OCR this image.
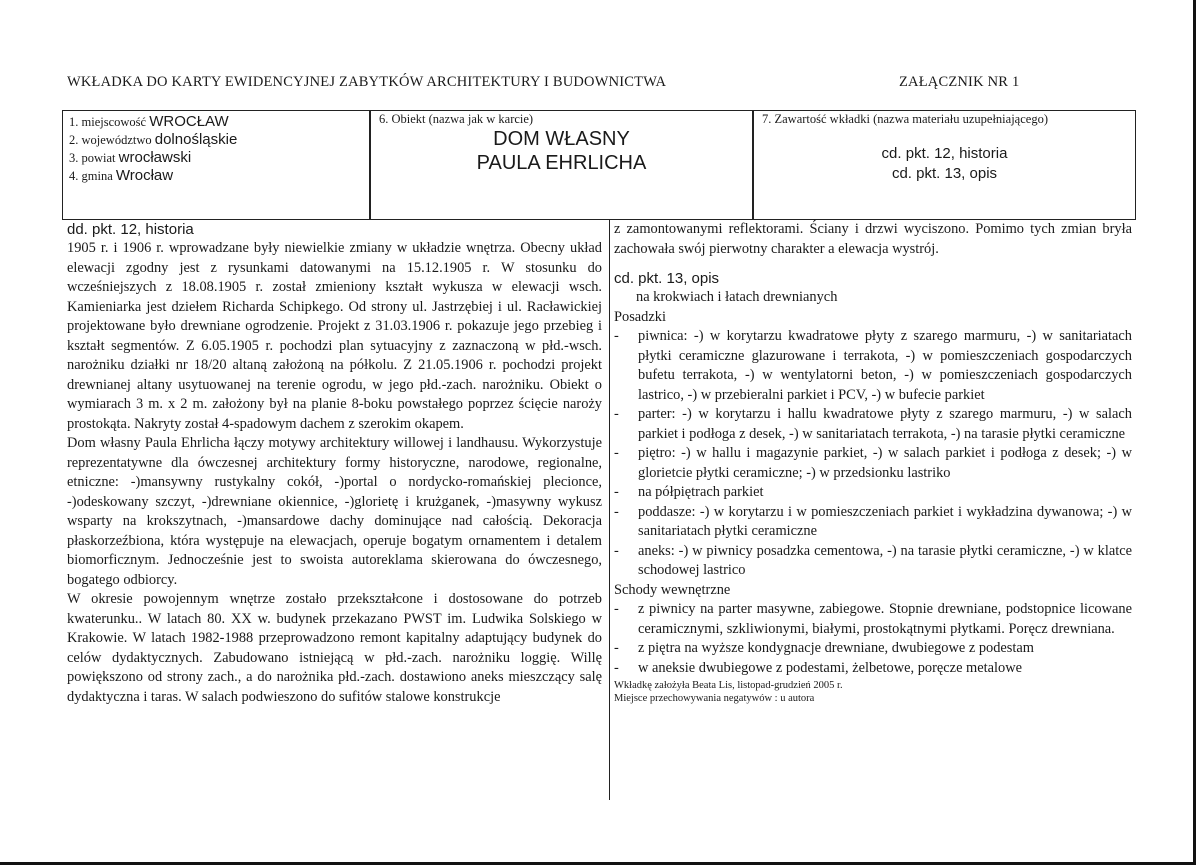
WKŁADKA DO KARTY EWIDENCYJNEJ ZABYTKÓW ARCHITEKTURY I BUDOWNICTWA	ZAŁĄCZNIK NR 1
1. miejscowość WROCŁAW
2. województwo dolnośląskie
3. powiat wrocławski
4. gmina Wrocław
6. Obiekt (nazwa jak w karcie)
DOM WŁASNY
PAULA EHRLICHA
7. Zawartość wkładki (nazwa materiału uzupełniającego)
cd. pkt. 12, historia
cd. pkt. 13, opis
dd. pkt. 12, historia
1905 r. i 1906 r. wprowadzane były niewielkie zmiany w układzie wnętrza. Obecny układ elewacji zgodny jest z rysunkami datowanymi na 15.12.1905 r. W stosunku do wcześniejszych z 18.08.1905 r. został zmieniony kształt wykusza w elewacji wsch. Kamieniarka jest dziełem Richarda Schipkego. Od strony ul. Jastrzębiej i ul. Racławickiej projektowane było drewniane ogrodzenie. Projekt z 31.03.1906 r. pokazuje jego przebieg i kształt segmentów. Z 6.05.1905 r. pochodzi plan sytuacyjny z zaznaczoną w płd.-wsch. narożniku działki nr 18/20 altaną założoną na półkolu. Z 21.05.1906 r. pochodzi projekt drewnianej altany usytuowanej na terenie ogrodu, w jego płd.-zach. narożniku. Obiekt o wymiarach 3 m. x 2 m. założony był na planie 8-boku powstałego poprzez ścięcie naroży prostokąta. Nakryty został 4-spadowym dachem z szerokim okapem.
Dom własny Paula Ehrlicha łączy motywy architektury willowej i landhausu. Wykorzystuje reprezentatywne dla ówczesnej architektury formy historyczne, narodowe, regionalne, etniczne: -)mansywny rustykalny cokół, -)portal o nordycko-romańskiej plecionce, -)odeskowany szczyt, -)drewniane okiennice, -)glorietę i krużganek, -)masywny wykusz wsparty na krokszytnach, -)mansardowe dachy dominujące nad całością. Dekoracja płaskorzeźbiona, która występuje na elewacjach, operuje bogatym ornamentem i detalem biomorficznym. Jednocześnie jest to swoista autoreklama skierowana do ówczesnego, bogatego odbiorcy.
W okresie powojennym wnętrze zostało przekształcone i dostosowane do potrzeb kwaterunku.. W latach 80. XX w. budynek przekazano PWST im. Ludwika Solskiego w Krakowie. W latach 1982-1988 przeprowadzono remont kapitalny adaptujący budynek do celów dydaktycznych. Zabudowano istniejącą w płd.-zach. narożniku loggię. Willę powiększono od strony zach., a do narożnika płd.-zach. dostawiono aneks mieszczący salę dydaktyczna i taras. W salach podwieszono do sufitów stalowe konstrukcje
z zamontowanymi reflektorami. Ściany i drzwi wyciszono. Pomimo tych zmian bryła zachowała swój pierwotny charakter a elewacja wystrój.
cd. pkt. 13, opis
na krokwiach i łatach drewnianych
Posadzki
- piwnica: -) w korytarzu kwadratowe płyty z szarego marmuru, -) w sanitariatach płytki ceramiczne glazurowane i terrakota, -) w pomieszczeniach gospodarczych bufetu terrakota, -) w wentylatorni beton, -) w pomieszczeniach gospodarczych lastrico, -) w przebieralni parkiet i PCV, -) w bufecie parkiet
- parter: -) w korytarzu i hallu kwadratowe płyty z szarego marmuru, -) w salach parkiet i podłoga z desek, -) w sanitariatach terrakota, -) na tarasie płytki ceramiczne
- piętro: -) w hallu i magazynie parkiet, -) w salach parkiet i podłoga z desek; -) w glorietcie płytki ceramiczne; -) w przedsionku lastriko
- na półpiętrach parkiet
- poddasze: -) w korytarzu i w pomieszczeniach parkiet i wykładzina dywanowa; -) w sanitariatach płytki ceramiczne
- aneks: -) w piwnicy posadzka cementowa, -) na tarasie płytki ceramiczne, -) w klatce schodowej lastrico
Schody wewnętrzne
- z piwnicy na parter masywne, zabiegowe. Stopnie drewniane, podstopnice licowane ceramicznymi, szkliwionymi, białymi, prostokątnymi płytkami. Poręcz drewniana.
- z piętra na wyższe kondygnacje drewniane, dwubiegowe z podestam
- w aneksie dwubiegowe z podestami, żelbetowe, poręcze metalowe
Wkładkę założyła Beata Lis, listopad-grudzień 2005 r.
Miejsce przechowywania negatywów : u autora
